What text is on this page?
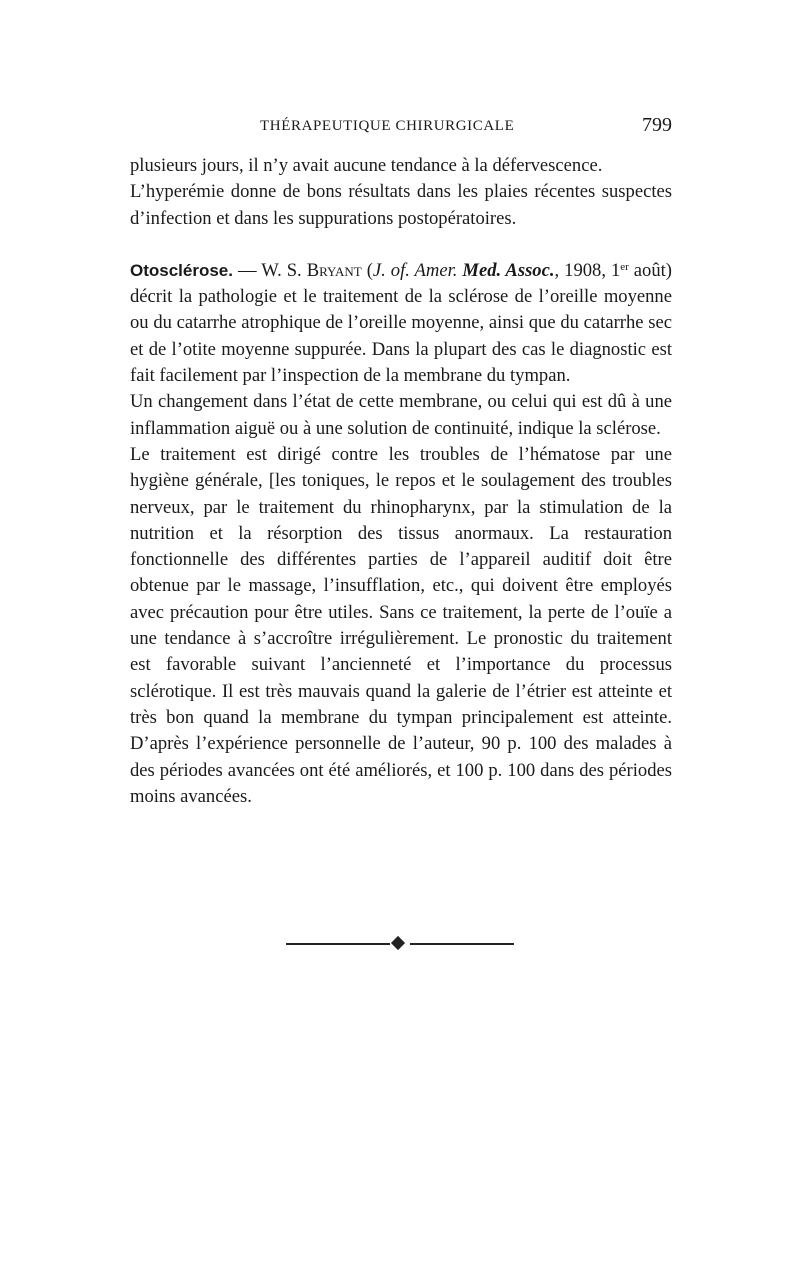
THÉRAPEUTIQUE CHIRURGICALE	799

plusieurs jours, il n’y avait aucune tendance à la défervescence.

L’hyperémie donne de bons résultats dans les plaies récentes suspectes d’infection et dans les suppurations postopératoires.

Otosclérose. — W. S. Bryant (J. of. Amer. Med. Assoc., 1908, 1er août) décrit la pathologie et le traitement de la sclérose de l’oreille moyenne ou du catarrhe atrophique de l’oreille moyenne, ainsi que du catarrhe sec et de l’otite moyenne suppurée. Dans la plupart des cas le diagnostic est fait facilement par l’inspection de la membrane du tympan.

Un changement dans l’état de cette membrane, ou celui qui est dû à une inflammation aiguë ou à une solution de continuité, indique la sclérose.

Le traitement est dirigé contre les troubles de l’hématose par une hygiène générale, [les toniques, le repos et le soulagement des troubles nerveux, par le traitement du rhinopharynx, par la stimulation de la nutrition et la résorption des tissus anormaux. La restauration fonctionnelle des différentes parties de l’appareil auditif doit être obtenue par le massage, l’insufflation, etc., qui doivent être employés avec précaution pour être utiles. Sans ce traitement, la perte de l’ouïe a une tendance à s’accroître irrégulièrement. Le pronostic du traitement est favorable suivant l’ancienneté et l’importance du processus sclérotique. Il est très mauvais quand la galerie de l’étrier est atteinte et très bon quand la membrane du tympan principalement est atteinte. D’après l’expérience personnelle de l’auteur, 90 p. 100 des malades à des périodes avancées ont été améliorés, et 100 p. 100 dans des périodes moins avancées.
